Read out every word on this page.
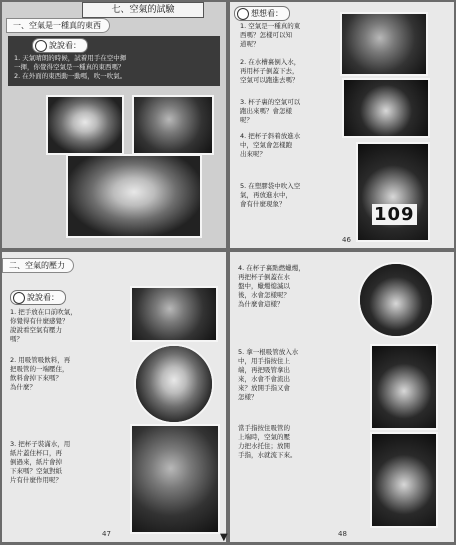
七、空氣的試驗
一、空氣是一種真的東西
說說看：
1. 天氣晴朗的時候，試着用手在空中揮
一揮，你覺得空氣是一種真的東西嗎？
2. 在外面的東西動一動嗎，吹一吹氣。
想想看：
1. 空氣是一種真的東
西嗎？怎樣可以知
道呢？
2. 在水槽裏倒入水，
再用杯子倒蓋下去，
空氣可以跑進去嗎？
3. 杯子裏的空氣可以
跑出來嗎？會怎樣
呢？
4. 把杯子斜着放進水
中，空氣會怎樣跑
出來呢？
5. 在塑膠袋中吹入空
氣，再放進水中，
會有什麼現象？	109
46
二、空氣的壓力
說說看：
1. 把手放在口前吹氣，
你覺得有什麼感覺？
說說看空氣有壓力
嗎？
2. 用吸管吸飲料，再
把吸管的一端壓住，
飲料會掉下來嗎？
為什麼？
3. 把杯子裝滿水，用
紙片蓋住杯口，再
倒過來，紙片會掉
下來嗎？空氣對紙
片有什麼作用呢？
47
4. 在杯子裏點燃蠟燭，
再把杯子倒蓋在水
盤中，蠟燭熄滅以
後，水會怎樣呢？
為什麼會這樣？
5. 拿一根吸管放入水
中，用手指按住上
端，再把吸管拿出
來，水會不會流出
來？放開手指又會
怎樣？
當手指按住吸管的
上端時，空氣的壓
力把水托住；放開
手指，水就流下來。
48
▼
